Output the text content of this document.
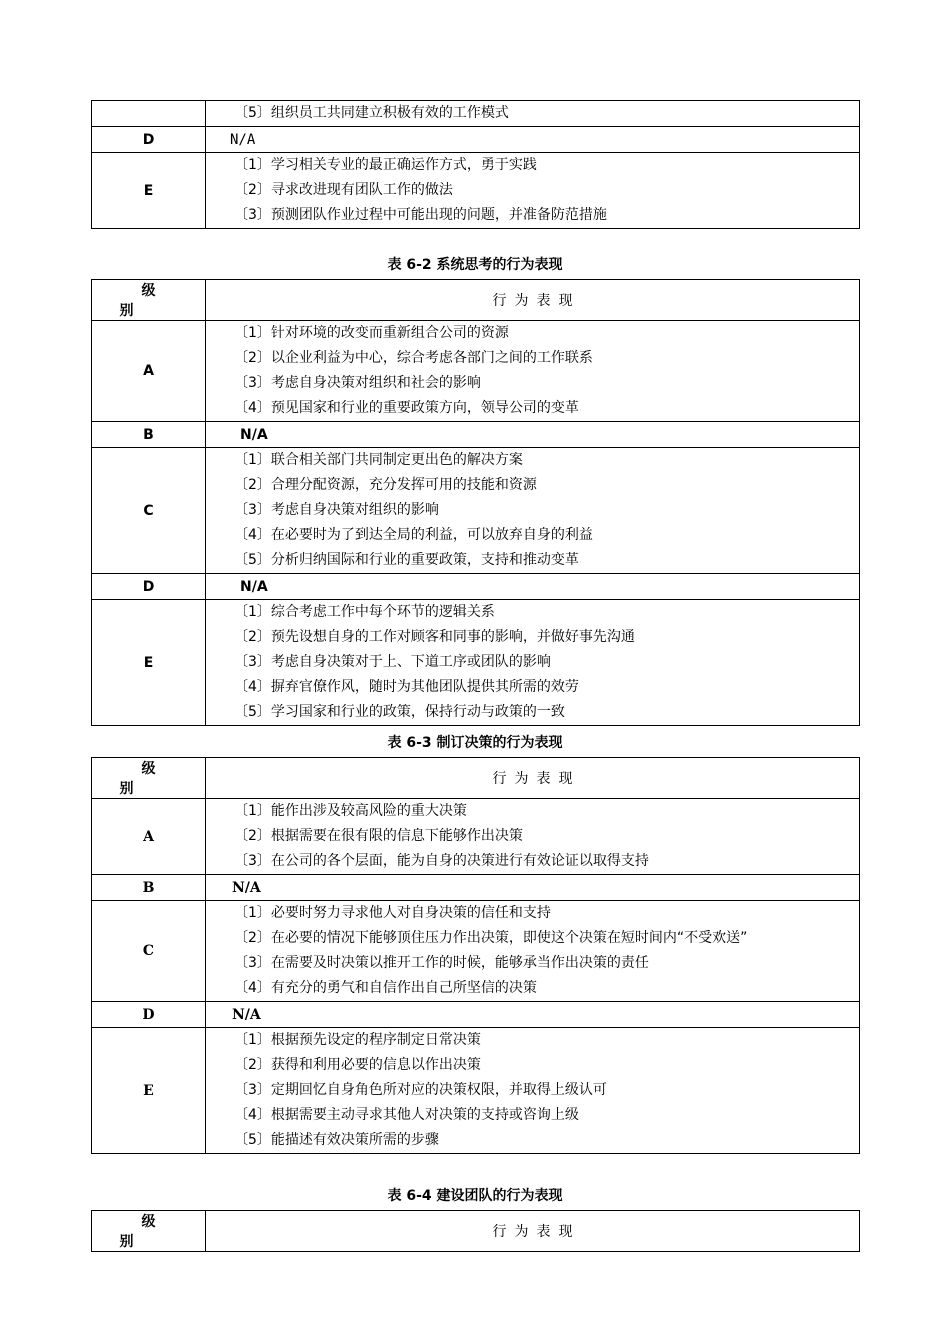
	〔5〕组织员工共同建立积极有效的工作模式

D	N/A
E	〔1〕学习相关专业的最正确运作方式，勇于实践
〔2〕寻求改进现有团队工作的做法
〔3〕预测团队作业过程中可能出现的问题，并准备防范措施
表 6-2 系统思考的行为表现
级别	行为表现
A	〔1〕针对环境的改变而重新组合公司的资源
〔2〕以企业利益为中心，综合考虑各部门之间的工作联系
〔3〕考虑自身决策对组织和社会的影响
〔4〕预见国家和行业的重要政策方向，领导公司的变革

B	N/A
C	〔1〕联合相关部门共同制定更出色的解决方案
〔2〕合理分配资源，充分发挥可用的技能和资源
〔3〕考虑自身决策对组织的影响
〔4〕在必要时为了到达全局的利益，可以放弃自身的利益
〔5〕分析归纳国际和行业的重要政策，支持和推动变革

D	N/A
E	〔1〕综合考虑工作中每个环节的逻辑关系
〔2〕预先设想自身的工作对顾客和同事的影响，并做好事先沟通
〔3〕考虑自身决策对于上、下道工序或团队的影响
〔4〕摒弃官僚作风，随时为其他团队提供其所需的效劳
〔5〕学习国家和行业的政策，保持行动与政策的一致
表 6-3 制订决策的行为表现
级别	行为表现
A	〔1〕能作出涉及较高风险的重大决策
〔2〕根据需要在很有限的信息下能够作出决策
〔3〕在公司的各个层面，能为自身的决策进行有效论证以取得支持

B	N/A
C	〔1〕必要时努力寻求他人对自身决策的信任和支持
〔2〕在必要的情况下能够顶住压力作出决策，即使这个决策在短时间内“不受欢送”
〔3〕在需要及时决策以推开工作的时候，能够承当作出决策的责任
〔4〕有充分的勇气和自信作出自己所坚信的决策

D	N/A
E	〔1〕根据预先设定的程序制定日常决策
〔2〕获得和利用必要的信息以作出决策
〔3〕定期回忆自身角色所对应的决策权限，并取得上级认可
〔4〕根据需要主动寻求其他人对决策的支持或咨询上级
〔5〕能描述有效决策所需的步骤
表 6-4 建设团队的行为表现
级别	行为表现
